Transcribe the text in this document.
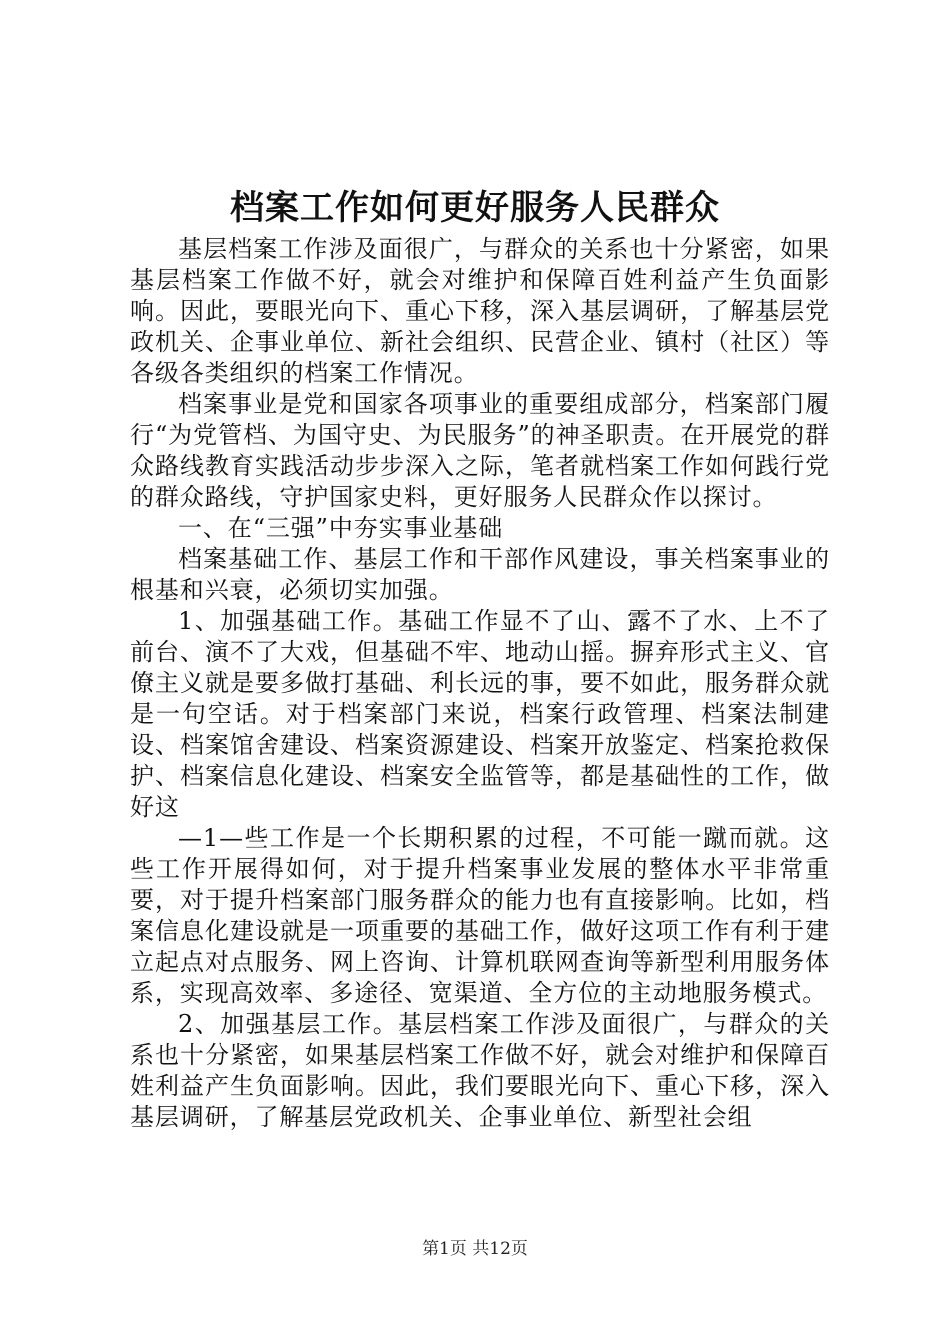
档案工作如何更好服务人民群众

基层档案工作涉及面很广，与群众的关系也十分紧密，如果基层档案工作做不好，就会对维护和保障百姓利益产生负面影响。因此，要眼光向下、重心下移，深入基层调研，了解基层党政机关、企事业单位、新社会组织、民营企业、镇村（社区）等各级各类组织的档案工作情况。

档案事业是党和国家各项事业的重要组成部分，档案部门履行“为党管档、为国守史、为民服务”的神圣职责。在开展党的群众路线教育实践活动步步深入之际，笔者就档案工作如何践行党的群众路线，守护国家史料，更好服务人民群众作以探讨。

一、在“三强”中夯实事业基础

档案基础工作、基层工作和干部作风建设，事关档案事业的根基和兴衰，必须切实加强。

1、加强基础工作。基础工作显不了山、露不了水、上不了前台、演不了大戏，但基础不牢、地动山摇。摒弃形式主义、官僚主义就是要多做打基础、利长远的事，要不如此，服务群众就是一句空话。对于档案部门来说，档案行政管理、档案法制建设、档案馆舍建设、档案资源建设、档案开放鉴定、档案抢救保护、档案信息化建设、档案安全监管等，都是基础性的工作，做好这

—1—些工作是一个长期积累的过程，不可能一蹴而就。这些工作开展得如何，对于提升档案事业发展的整体水平非常重要，对于提升档案部门服务群众的能力也有直接影响。比如，档案信息化建设就是一项重要的基础工作，做好这项工作有利于建立起点对点服务、网上咨询、计算机联网查询等新型利用服务体系，实现高效率、多途径、宽渠道、全方位的主动地服务模式。

2、加强基层工作。基层档案工作涉及面很广，与群众的关系也十分紧密，如果基层档案工作做不好，就会对维护和保障百姓利益产生负面影响。因此，我们要眼光向下、重心下移，深入基层调研，了解基层党政机关、企事业单位、新型社会组

第1页 共12页
